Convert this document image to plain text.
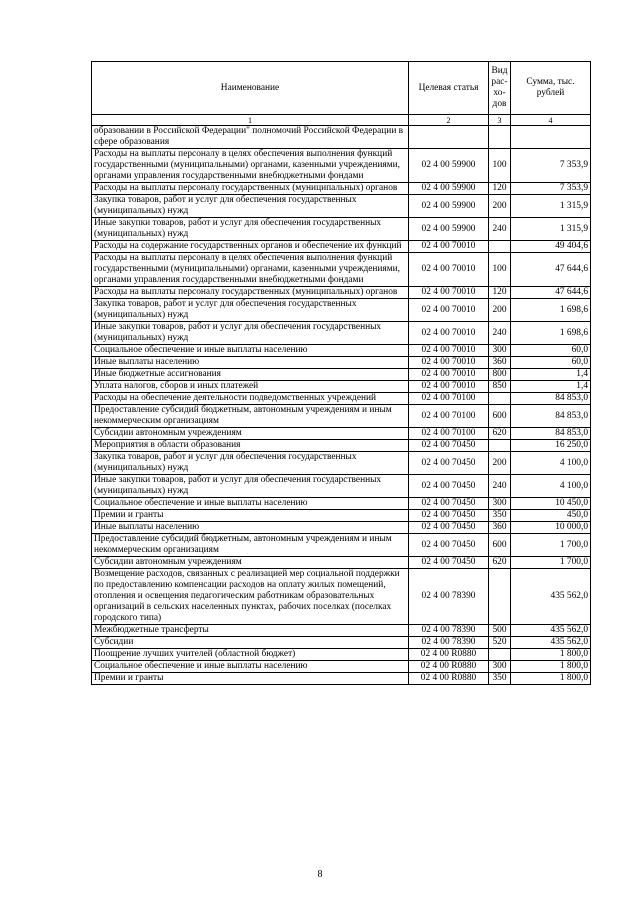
Наименование	Целевая статья	Вид рас-хо-дов	Сумма, тыс. рублей
1	2	3	4
образовании в Российской Федерации" полномочий Российской Федерации в сфере образования			
Расходы на выплаты персоналу в целях обеспечения выполнения функций государственными (муниципальными) органами, казенными учреждениями, органами управления государственными внебюджетными фондами	02 4 00 59900	100	7 353,9
Расходы на выплаты персоналу государственных (муниципальных) органов	02 4 00 59900	120	7 353,9
Закупка товаров, работ и услуг для обеспечения государственных (муниципальных) нужд	02 4 00 59900	200	1 315,9
Иные закупки товаров, работ и услуг для обеспечения государственных (муниципальных) нужд	02 4 00 59900	240	1 315,9
Расходы на содержание государственных органов и обеспечение их функций	02 4 00 70010		49 404,6
Расходы на выплаты персоналу в целях обеспечения выполнения функций государственными (муниципальными) органами, казенными учреждениями, органами управления государственными внебюджетными фондами	02 4 00 70010	100	47 644,6
Расходы на выплаты персоналу государственных (муниципальных) органов	02 4 00 70010	120	47 644,6
Закупка товаров, работ и услуг для обеспечения государственных (муниципальных) нужд	02 4 00 70010	200	1 698,6
Иные закупки товаров, работ и услуг для обеспечения государственных (муниципальных) нужд	02 4 00 70010	240	1 698,6
Социальное обеспечение и иные выплаты населению	02 4 00 70010	300	60,0
Иные выплаты населению	02 4 00 70010	360	60,0
Иные бюджетные ассигнования	02 4 00 70010	800	1,4
Уплата налогов, сборов и иных платежей	02 4 00 70010	850	1,4
Расходы на обеспечение деятельности подведомственных учреждений	02 4 00 70100		84 853,0
Предоставление субсидий бюджетным, автономным учреждениям и иным некоммерческим организациям	02 4 00 70100	600	84 853,0
Субсидии автономным учреждениям	02 4 00 70100	620	84 853,0
Мероприятия в области образования	02 4 00 70450		16 250,0
Закупка товаров, работ и услуг для обеспечения государственных (муниципальных) нужд	02 4 00 70450	200	4 100,0
Иные закупки товаров, работ и услуг для обеспечения государственных (муниципальных) нужд	02 4 00 70450	240	4 100,0
Социальное обеспечение и иные выплаты населению	02 4 00 70450	300	10 450,0
Премии и гранты	02 4 00 70450	350	450,0
Иные выплаты населению	02 4 00 70450	360	10 000,0
Предоставление субсидий бюджетным, автономным учреждениям и иным некоммерческим организациям	02 4 00 70450	600	1 700,0
Субсидии автономным учреждениям	02 4 00 70450	620	1 700,0
Возмещение расходов, связанных с реализацией мер социальной поддержки по предоставлению компенсации расходов на оплату жилых помещений, отопления и освещения педагогическим работникам образовательных организаций в сельских населенных пунктах, рабочих поселках (поселках городского типа)	02 4 00 78390		435 562,0
Межбюджетные трансферты	02 4 00 78390	500	435 562,0
Субсидии	02 4 00 78390	520	435 562,0
Поощрение лучших учителей (областной бюджет)	02 4 00 R0880		1 800,0
Социальное обеспечение и иные выплаты населению	02 4 00 R0880	300	1 800,0
Премии и гранты	02 4 00 R0880	350	1 800,0
8
